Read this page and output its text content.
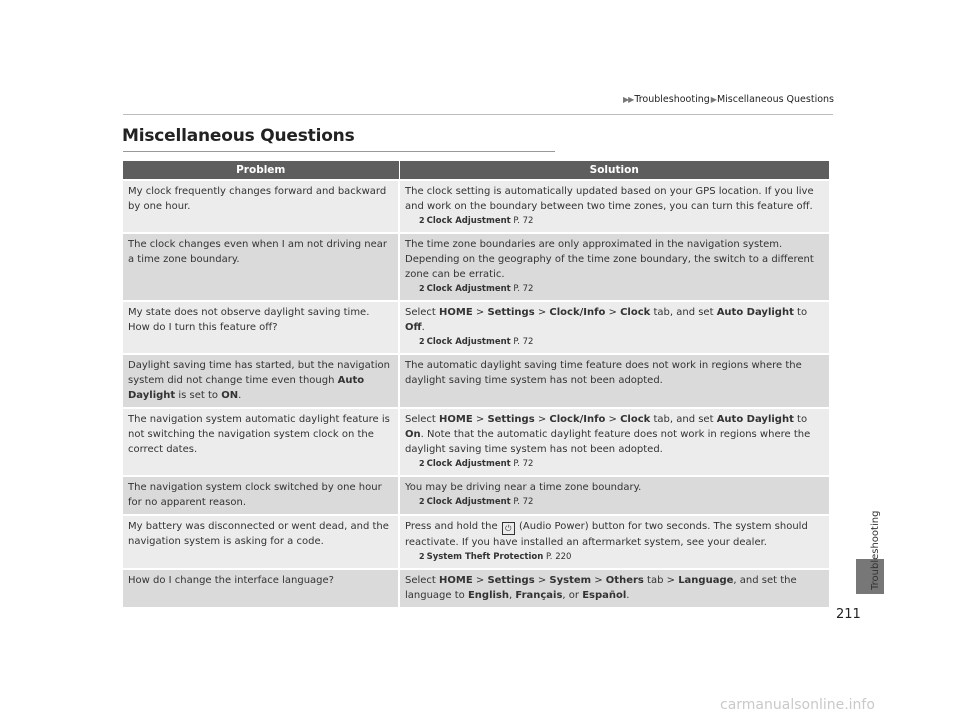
▶▶Troubleshooting▶Miscellaneous Questions
Miscellaneous Questions
Troubleshooting
Problem	Solution
My clock frequently changes forward and backward by one hour.	The clock setting is automatically updated based on your GPS location. If you live and work on the boundary between two time zones, you can turn this feature off.
2 Clock Adjustment P. 72

The clock changes even when I am not driving near a time zone boundary.	The time zone boundaries are only approximated in the navigation system. Depending on the geography of the time zone boundary, the switch to a different zone can be erratic.
2 Clock Adjustment P. 72

My state does not observe daylight saving time. How do I turn this feature off?	Select HOME > Settings > Clock/Info > Clock tab, and set Auto Daylight to
Off.
2 Clock Adjustment P. 72

Daylight saving time has started, but the navigation system did not change time even though Auto Daylight is set to ON.	The automatic daylight saving time feature does not work in regions where the daylight saving time system has not been adopted.
The navigation system automatic daylight feature is not switching the navigation system clock on the correct dates.	Select HOME > Settings > Clock/Info > Clock tab, and set Auto Daylight to On. Note that the automatic daylight feature does not work in regions where the daylight saving time system has not been adopted.
2 Clock Adjustment P. 72

The navigation system clock switched by one hour for no apparent reason.	You may be driving near a time zone boundary.
2 Clock Adjustment P. 72

My battery was disconnected or went dead, and the navigation system is asking for a code.	Press and hold the ⏻ (Audio Power) button for two seconds. The system should reactivate. If you have installed an aftermarket system, see your dealer.
2 System Theft Protection P. 220

How do I change the interface language?	Select HOME > Settings > System > Others tab > Language, and set the language to English, Français, or Español.
211
carmanualsonline.info
